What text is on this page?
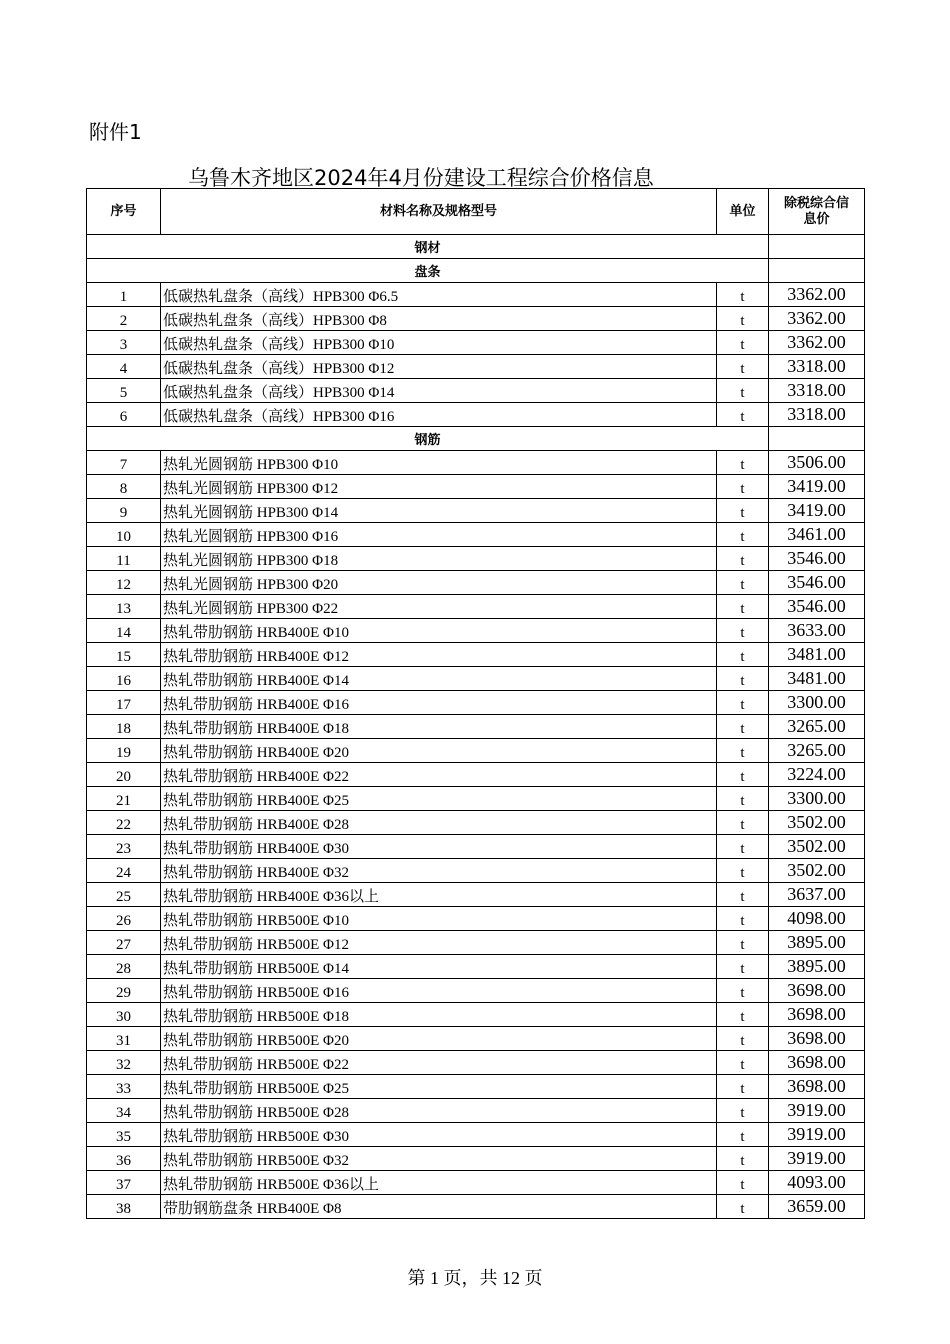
附件1
乌鲁木齐地区2024年4月份建设工程综合价格信息
序号	材料名称及规格型号	单位	除税综合信息价
钢材			
盘条			
1	低碳热轧盘条（高线）HPB300 Φ6.5	t	3362.00
2	低碳热轧盘条（高线）HPB300 Φ8	t	3362.00
3	低碳热轧盘条（高线）HPB300 Φ10	t	3362.00
4	低碳热轧盘条（高线）HPB300 Φ12	t	3318.00
5	低碳热轧盘条（高线）HPB300 Φ14	t	3318.00
6	低碳热轧盘条（高线）HPB300 Φ16	t	3318.00
钢筋			
7	热轧光圆钢筋 HPB300 Φ10	t	3506.00
8	热轧光圆钢筋 HPB300 Φ12	t	3419.00
9	热轧光圆钢筋 HPB300 Φ14	t	3419.00
10	热轧光圆钢筋 HPB300 Φ16	t	3461.00
11	热轧光圆钢筋 HPB300 Φ18	t	3546.00
12	热轧光圆钢筋 HPB300 Φ20	t	3546.00
13	热轧光圆钢筋 HPB300 Φ22	t	3546.00
14	热轧带肋钢筋 HRB400E Φ10	t	3633.00
15	热轧带肋钢筋 HRB400E Φ12	t	3481.00
16	热轧带肋钢筋 HRB400E Φ14	t	3481.00
17	热轧带肋钢筋 HRB400E Φ16	t	3300.00
18	热轧带肋钢筋 HRB400E Φ18	t	3265.00
19	热轧带肋钢筋 HRB400E Φ20	t	3265.00
20	热轧带肋钢筋 HRB400E Φ22	t	3224.00
21	热轧带肋钢筋 HRB400E Φ25	t	3300.00
22	热轧带肋钢筋 HRB400E Φ28	t	3502.00
23	热轧带肋钢筋 HRB400E Φ30	t	3502.00
24	热轧带肋钢筋 HRB400E Φ32	t	3502.00
25	热轧带肋钢筋 HRB400E Φ36以上	t	3637.00
26	热轧带肋钢筋 HRB500E Φ10	t	4098.00
27	热轧带肋钢筋 HRB500E Φ12	t	3895.00
28	热轧带肋钢筋 HRB500E Φ14	t	3895.00
29	热轧带肋钢筋 HRB500E Φ16	t	3698.00
30	热轧带肋钢筋 HRB500E Φ18	t	3698.00
31	热轧带肋钢筋 HRB500E Φ20	t	3698.00
32	热轧带肋钢筋 HRB500E Φ22	t	3698.00
33	热轧带肋钢筋 HRB500E Φ25	t	3698.00
34	热轧带肋钢筋 HRB500E Φ28	t	3919.00
35	热轧带肋钢筋 HRB500E Φ30	t	3919.00
36	热轧带肋钢筋 HRB500E Φ32	t	3919.00
37	热轧带肋钢筋 HRB500E Φ36以上	t	4093.00
38	带肋钢筋盘条 HRB400E Φ8	t	3659.00
第 1 页，共 12 页
